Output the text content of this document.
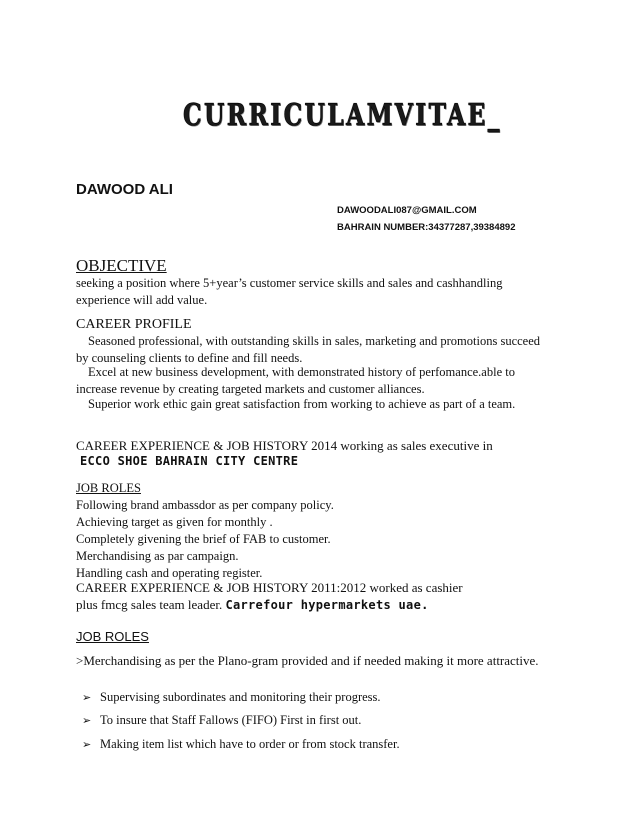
CURRICULAMVITAE_
DAWOOD ALI
DAWOODALI087@GMAIL.COM
BAHRAIN NUMBER:34377287,39384892
OBJECTIVE
seeking a position where 5+year’s customer service skills and sales and cashhandling experience will add value.
CAREER PROFILE
Seasoned professional, with outstanding skills in sales, marketing and promotions succeed by counseling clients to define and fill needs.
Excel at new business development, with demonstrated history of perfomance.able to increase revenue by creating targeted markets and customer alliances.
Superior work ethic gain great satisfaction from working to achieve as part of a team.
CAREER EXPERIENCE & JOB HISTORY 2014 working as sales executive in
ECCO SHOE BAHRAIN CITY CENTRE
JOB ROLES
Following brand ambassdor as per company policy.
Achieving target as given for monthly .
Completely givening the brief of FAB to customer.
Merchandising as par campaign.
Handling cash and operating register.
CAREER EXPERIENCE & JOB HISTORY 2011:2012 worked as cashier
plus fmcg sales team leader. Carrefour hypermarkets uae.
JOB ROLES
>Merchandising as per the Plano-gram provided and if needed making it more attractive.
➢ Supervising subordinates and monitoring their progress.
➢ To insure that Staff Fallows (FIFO) First in first out.
➢ Making item list which have to order or from stock transfer.
